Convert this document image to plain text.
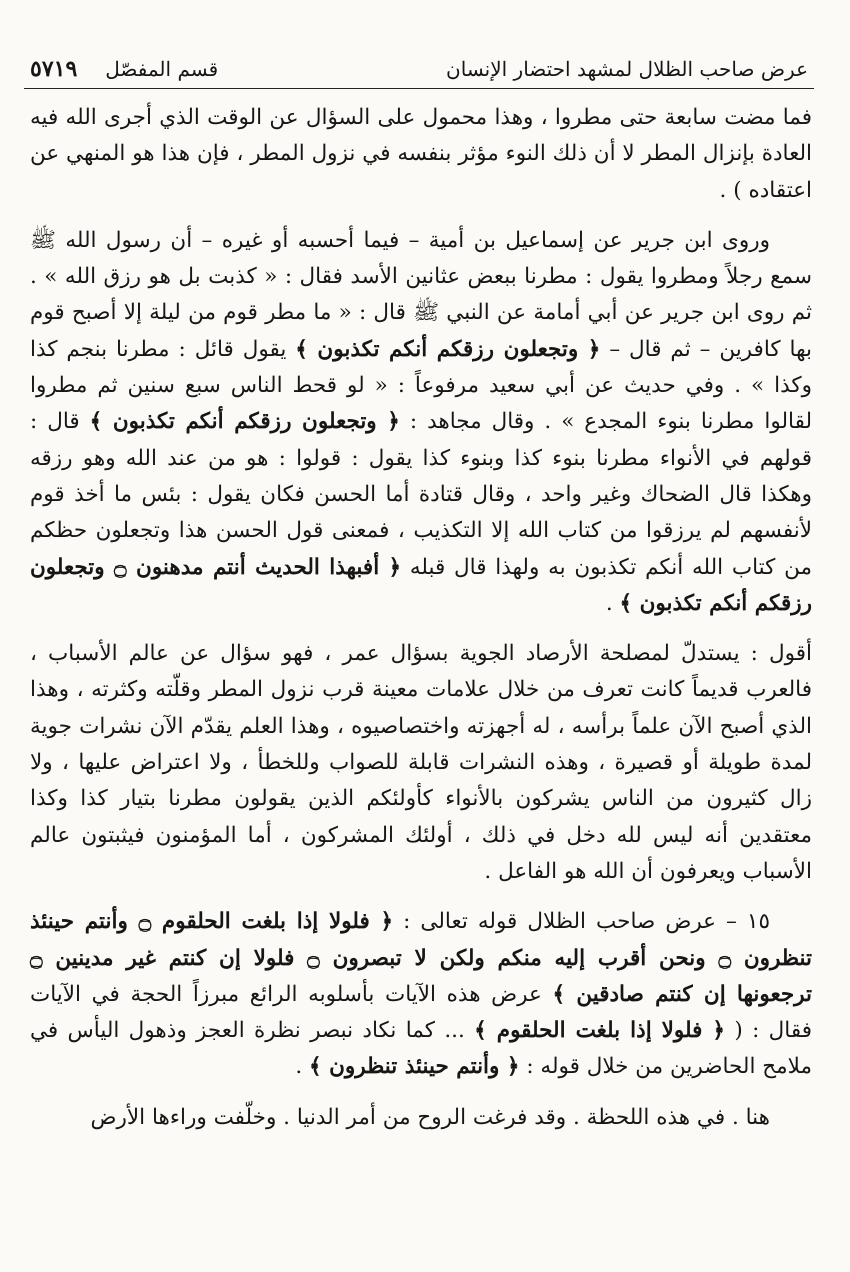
عرض صاحب الظلال لمشهد احتضار الإنسان
قسم المفصّل
٥٧١٩

فما مضت سابعة حتى مطروا ، وهذا محمول على السؤال عن الوقت الذي أجرى الله فيه العادة بإنزال المطر لا أن ذلك النوء مؤثر بنفسه في نزول المطر ، فإن هذا هو المنهي عن اعتقاده ) .

وروى ابن جرير عن إسماعيل بن أمية – فيما أحسبه أو غيره – أن رسول الله ﷺ سمع رجلاً ومطروا يقول : مطرنا ببعض عثانين الأسد فقال : « كذبت بل هو رزق الله » . ثم روى ابن جرير عن أبي أمامة عن النبي ﷺ قال : « ما مطر قوم من ليلة إلا أصبح قوم بها كافرين – ثم قال – ﴿ وتجعلون رزقكم أنكم تكذبون ﴾ يقول قائل : مطرنا بنجم كذا وكذا » . وفي حديث عن أبي سعيد مرفوعاً : « لو قحط الناس سبع سنين ثم مطروا لقالوا مطرنا بنوء المجدع » . وقال مجاهد : ﴿ وتجعلون رزقكم أنكم تكذبون ﴾ قال : قولهم في الأنواء مطرنا بنوء كذا وبنوء كذا يقول : قولوا : هو من عند الله وهو رزقه وهكذا قال الضحاك وغير واحد ، وقال قتادة أما الحسن فكان يقول : بئس ما أخذ قوم لأنفسهم لم يرزقوا من كتاب الله إلا التكذيب ، فمعنى قول الحسن هذا وتجعلون حظكم من كتاب الله أنكم تكذبون به ولهذا قال قبله ﴿ أفبهذا الحديث أنتم مدهنون ۝ وتجعلون رزقكم أنكم تكذبون ﴾ .

أقول : يستدلّ لمصلحة الأرصاد الجوية بسؤال عمر ، فهو سؤال عن عالم الأسباب ، فالعرب قديماً كانت تعرف من خلال علامات معينة قرب نزول المطر وقلّته وكثرته ، وهذا الذي أصبح الآن علماً برأسه ، له أجهزته واختصاصيوه ، وهذا العلم يقدّم الآن نشرات جوية لمدة طويلة أو قصيرة ، وهذه النشرات قابلة للصواب وللخطأ ، ولا اعتراض عليها ، ولا زال كثيرون من الناس يشركون بالأنواء كأولئكم الذين يقولون مطرنا بتيار كذا وكذا معتقدين أنه ليس لله دخل في ذلك ، أولئك المشركون ، أما المؤمنون فيثبتون عالم الأسباب ويعرفون أن الله هو الفاعل .

١٥ – عرض صاحب الظلال قوله تعالى : ﴿ فلولا إذا بلغت الحلقوم ۝ وأنتم حينئذ تنظرون ۝ ونحن أقرب إليه منكم ولكن لا تبصرون ۝ فلولا إن كنتم غير مدينين ۝ ترجعونها إن كنتم صادقين ﴾ عرض هذه الآيات بأسلوبه الرائع مبرزاً الحجة في الآيات فقال : ( ﴿ فلولا إذا بلغت الحلقوم ﴾ ... كما نكاد نبصر نظرة العجز وذهول اليأس في ملامح الحاضرين من خلال قوله : ﴿ وأنتم حينئذ تنظرون ﴾ .

هنا . في هذه اللحظة . وقد فرغت الروح من أمر الدنيا . وخلّفت وراءها الأرض
